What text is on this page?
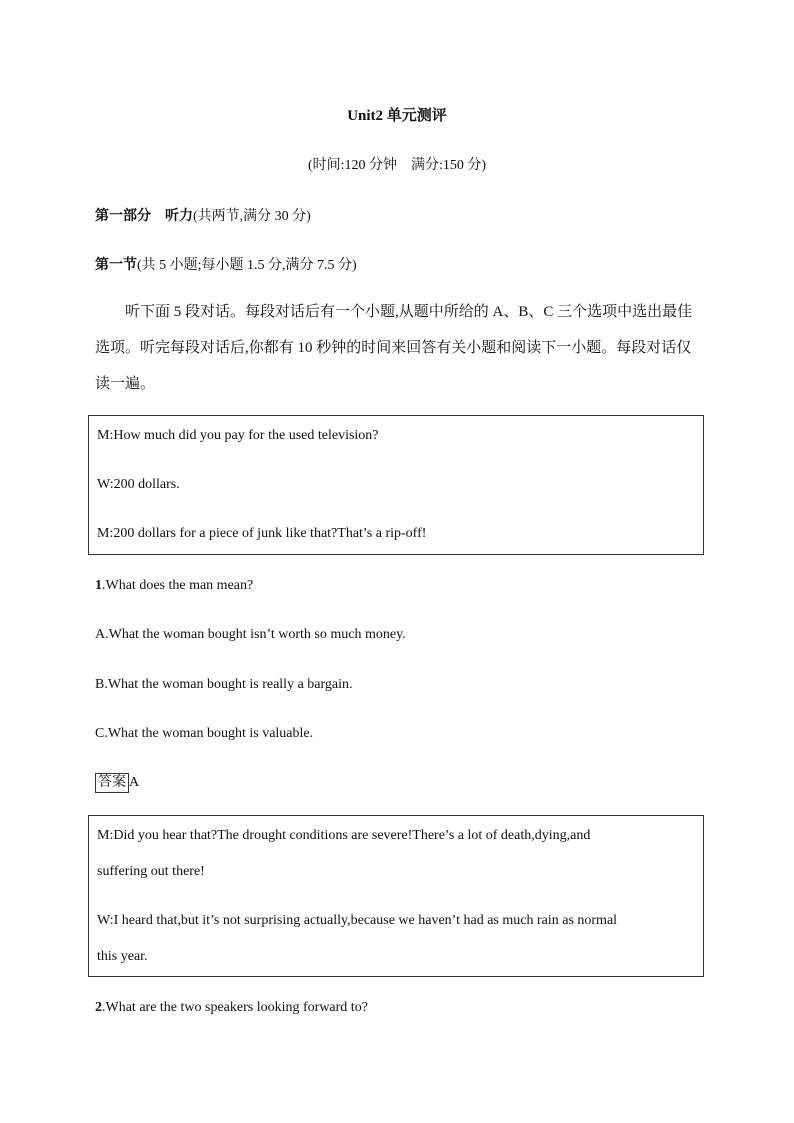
Unit2 单元测评
(时间:120 分钟　满分:150 分)
第一部分　听力(共两节,满分 30 分)
第一节(共 5 小题;每小题 1.5 分,满分 7.5 分)
听下面 5 段对话。每段对话后有一个小题,从题中所给的 A、B、C 三个选项中选出最佳选项。听完每段对话后,你都有 10 秒钟的时间来回答有关小题和阅读下一小题。每段对话仅读一遍。
M:How much did you pay for the used television?
W:200 dollars.
M:200 dollars for a piece of junk like that?That’s a rip-off!
1.What does the man mean?
A.What the woman bought isn’t worth so much money.
B.What the woman bought is really a bargain.
C.What the woman bought is valuable.
答案 A
M:Did you hear that?The drought conditions are severe!There’s a lot of death,dying,and
suffering out there!
W:I heard that,but it’s not surprising actually,because we haven’t had as much rain as normal
this year.
2.What are the two speakers looking forward to?
